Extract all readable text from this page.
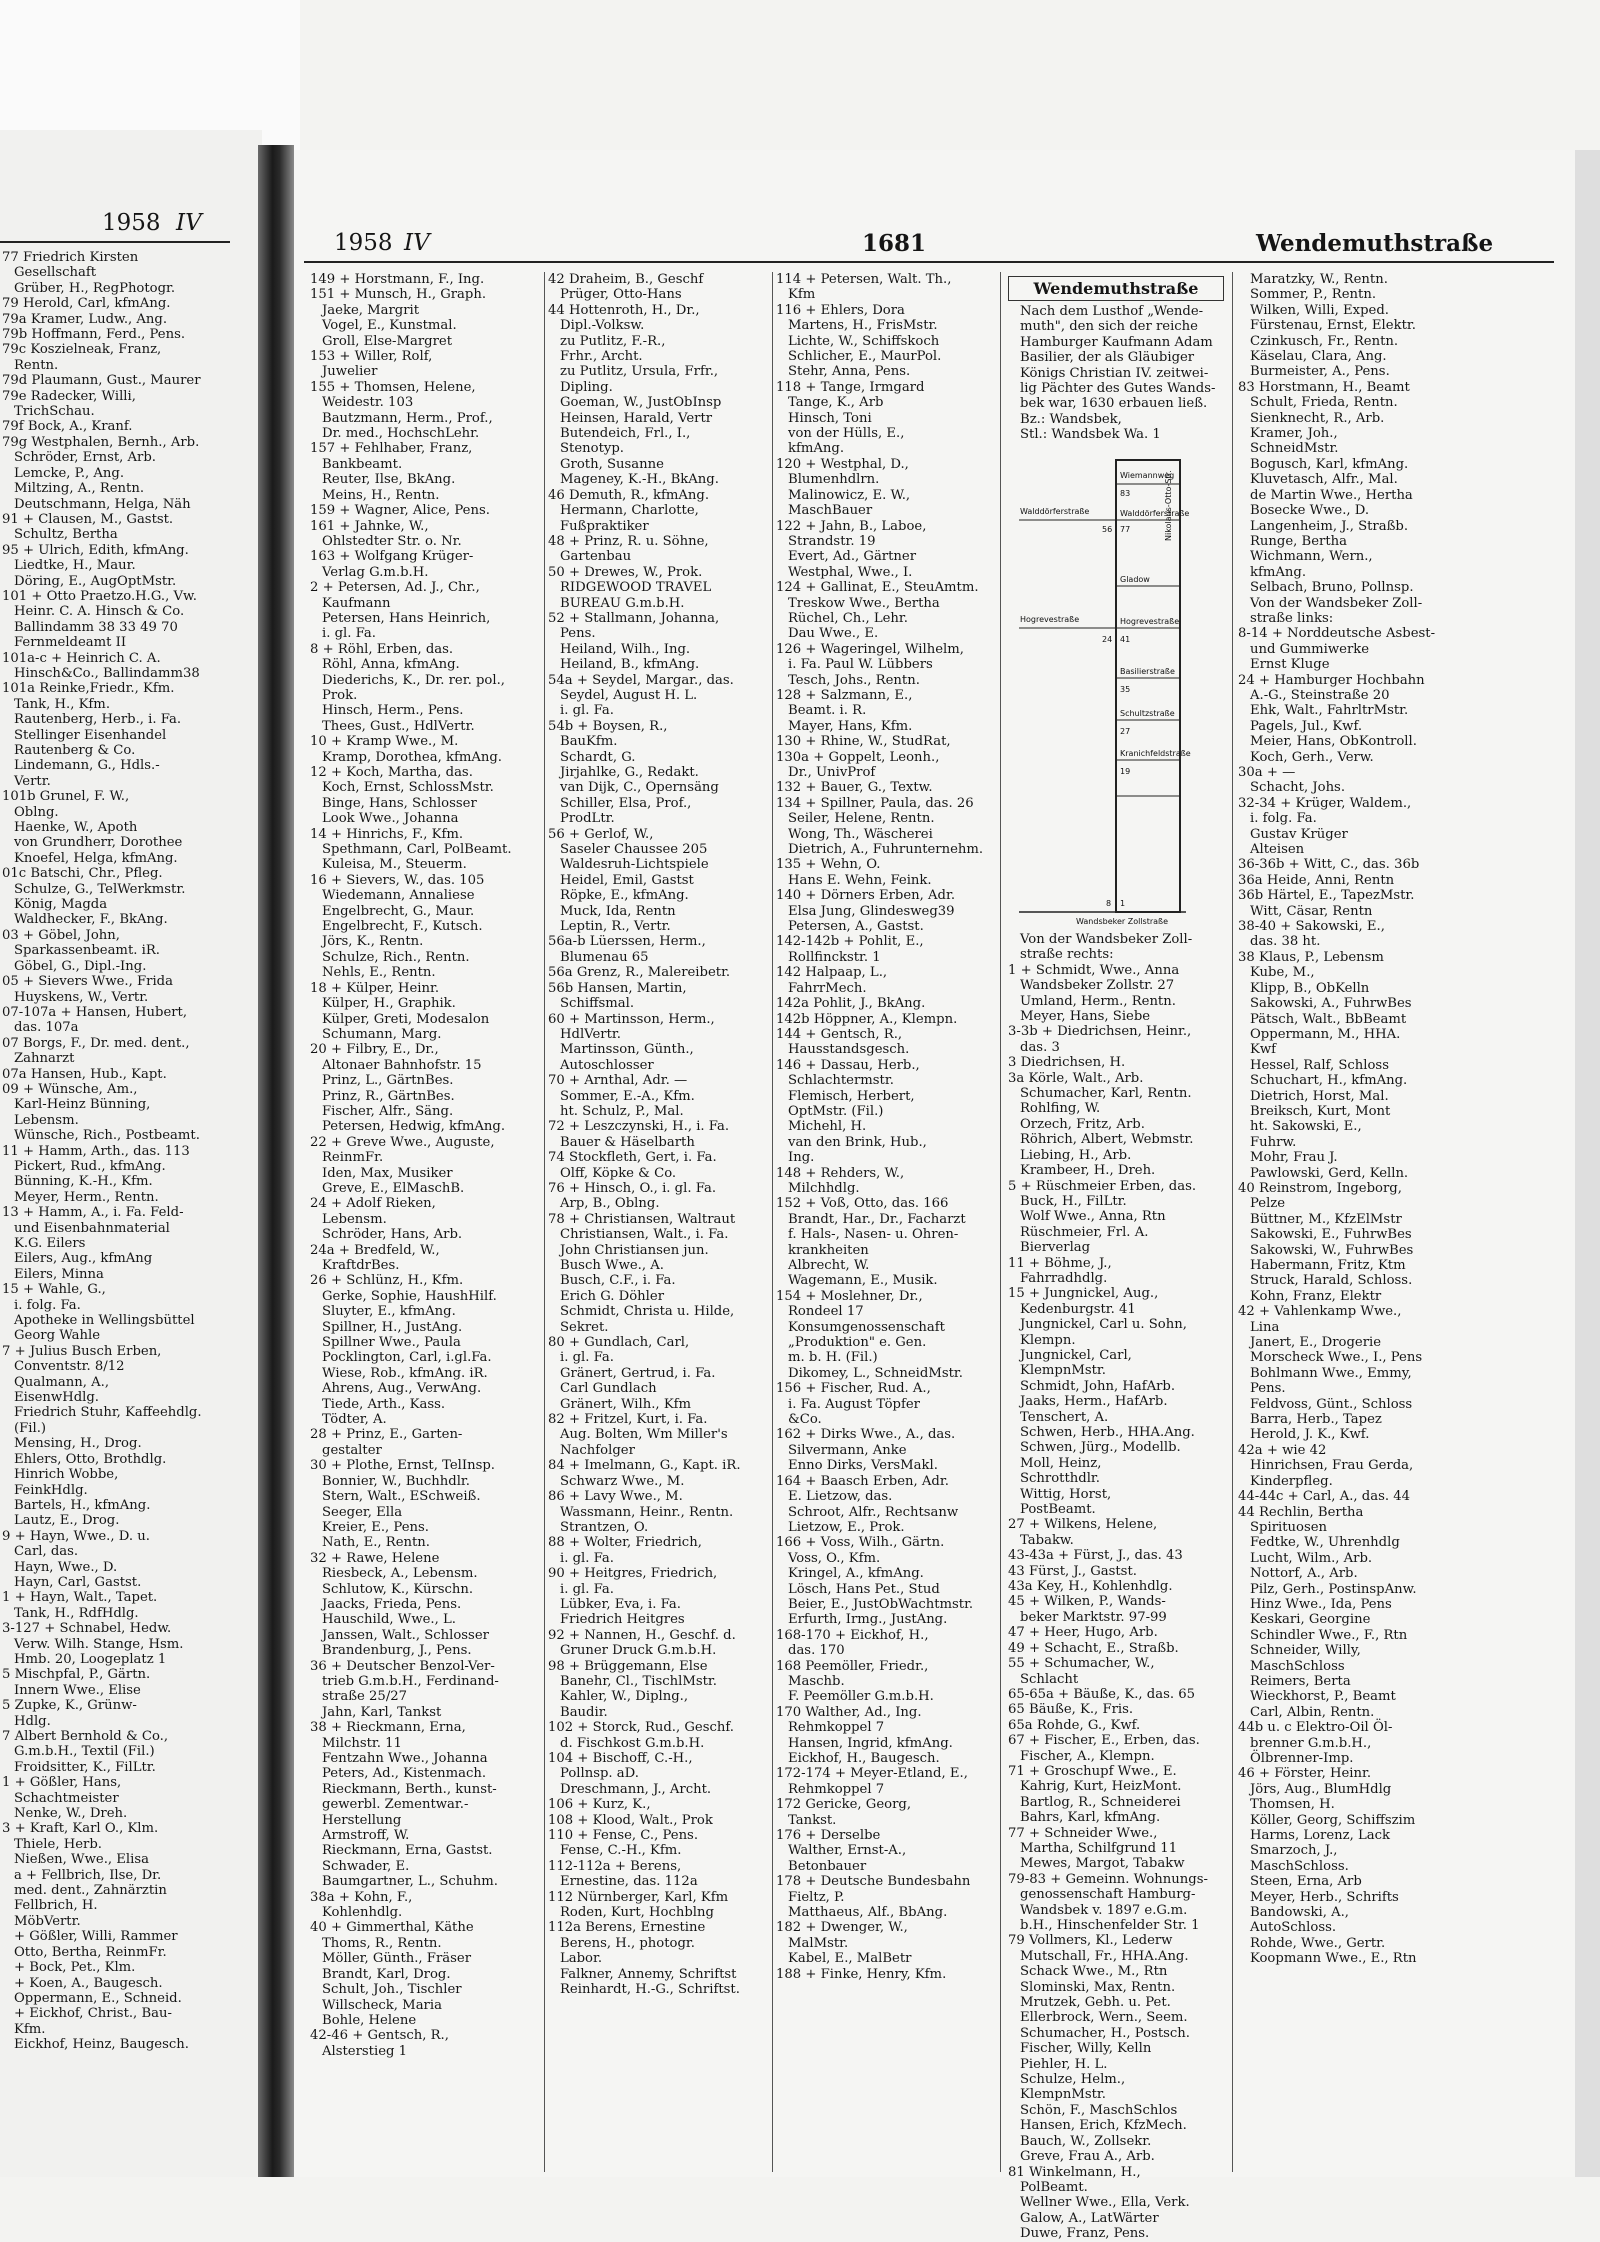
1958 IV

77 Friedrich Kirsten

Gesellschaft

Grüber, H., RegPhotogr.

79 Herold, Carl, kfmAng.

79a Kramer, Ludw., Ang.

79b Hoffmann, Ferd., Pens.

79c Koszielneak, Franz,

Rentn.

79d Plaumann, Gust., Maurer

79e Radecker, Willi,

TrichSchau.

79f Bock, A., Kranf.

79g Westphalen, Bernh., Arb.

Schröder, Ernst, Arb.

Lemcke, P., Ang.

Miltzing, A., Rentn.

Deutschmann, Helga, Näh

91 + Clausen, M., Gastst.

Schultz, Bertha

95 + Ulrich, Edith, kfmAng.

Liedtke, H., Maur.

Döring, E., AugOptMstr.

101 + Otto Praetzo.H.G., Vw.

Heinr. C. A. Hinsch & Co.

Ballindamm 38 33 49 70

Fernmeldeamt II

101a-c + Heinrich C. A.

Hinsch&Co., Ballindamm38

101a Reinke,Friedr., Kfm.

Tank, H., Kfm.

Rautenberg, Herb., i. Fa.

Stellinger Eisenhandel

Rautenberg & Co.

Lindemann, G., Hdls.-

Vertr.

101b Grunel, F. W.,

Oblng.

Haenke, W., Apoth

von Grundherr, Dorothee

Knoefel, Helga, kfmAng.

01c Batschi, Chr., Pfleg.

Schulze, G., TelWerkmstr.

König, Magda

Waldhecker, F., BkAng.

03 + Göbel, John,

Sparkassenbeamt. iR.

Göbel, G., Dipl.-Ing.

05 + Sievers Wwe., Frida

Huyskens, W., Vertr.

07-107a + Hansen, Hubert,

das. 107a

07 Borgs, F., Dr. med. dent.,

Zahnarzt

07a Hansen, Hub., Kapt.

09 + Wünsche, Am.,

Karl-Heinz Bünning,

Lebensm.

Wünsche, Rich., Postbeamt.

11 + Hamm, Arth., das. 113

Pickert, Rud., kfmAng.

Bünning, K.-H., Kfm.

Meyer, Herm., Rentn.

13 + Hamm, A., i. Fa. Feld-

und Eisenbahnmaterial

K.G. Eilers

Eilers, Aug., kfmAng

Eilers, Minna

15 + Wahle, G.,

i. folg. Fa.

Apotheke in Wellingsbüttel

Georg Wahle

7 + Julius Busch Erben,

Conventstr. 8/12

Qualmann, A.,

EisenwHdlg.

Friedrich Stuhr, Kaffeehdlg.

(Fil.)

Mensing, H., Drog.

Ehlers, Otto, Brothdlg.

Hinrich Wobbe,

FeinkHdlg.

Bartels, H., kfmAng.

Lautz, E., Drog.

9 + Hayn, Wwe., D. u.

Carl, das.

Hayn, Wwe., D.

Hayn, Carl, Gastst.

1 + Hayn, Walt., Tapet.

Tank, H., RdfHdlg.

3-127 + Schnabel, Hedw.

Verw. Wilh. Stange, Hsm.

Hmb. 20, Loogeplatz 1

5 Mischpfal, P., Gärtn.

Innern Wwe., Elise

5 Zupke, K., Grünw-

Hdlg.

7 Albert Bernhold & Co.,

G.m.b.H., Textil (Fil.)

Froidsitter, K., FilLtr.

1 + Gößler, Hans,

Schachtmeister

Nenke, W., Dreh.

3 + Kraft, Karl O., Klm.

Thiele, Herb.

Nießen, Wwe., Elisa

a + Fellbrich, Ilse, Dr.

med. dent., Zahnärztin

Fellbrich, H.

MöbVertr.

+ Gößler, Willi, Rammer

Otto, Bertha, ReinmFr.

+ Bock, Pet., Klm.

+ Koen, A., Baugesch.

Oppermann, E., Schneid.

+ Eickhof, Christ., Bau-

Kfm.

Eickhof, Heinz, Baugesch.

1958 IV	1681	Wendemuthstraße

149 + Horstmann, F., Ing.

151 + Munsch, H., Graph.

Jaeke, Margrit

Vogel, E., Kunstmal.

Groll, Else-Margret

153 + Willer, Rolf,

Juwelier

155 + Thomsen, Helene,

Weidestr. 103

Bautzmann, Herm., Prof.,

Dr. med., HochschLehr.

157 + Fehlhaber, Franz,

Bankbeamt.

Reuter, Ilse, BkAng.

Meins, H., Rentn.

159 + Wagner, Alice, Pens.

161 + Jahnke, W.,

Ohlstedter Str. o. Nr.

163 + Wolfgang Krüger-

Verlag G.m.b.H.

2 + Petersen, Ad. J., Chr.,

Kaufmann

Petersen, Hans Heinrich,

i. gl. Fa.

8 + Röhl, Erben, das.

Röhl, Anna, kfmAng.

Diederichs, K., Dr. rer. pol.,

Prok.

Hinsch, Herm., Pens.

Thees, Gust., HdlVertr.

10 + Kramp Wwe., M.

Kramp, Dorothea, kfmAng.

12 + Koch, Martha, das.

Koch, Ernst, SchlossMstr.

Binge, Hans, Schlosser

Look Wwe., Johanna

14 + Hinrichs, F., Kfm.

Spethmann, Carl, PolBeamt.

Kuleisa, M., Steuerm.

16 + Sievers, W., das. 105

Wiedemann, Annaliese

Engelbrecht, G., Maur.

Engelbrecht, F., Kutsch.

Jörs, K., Rentn.

Schulze, Rich., Rentn.

Nehls, E., Rentn.

18 + Külper, Heinr.

Külper, H., Graphik.

Külper, Greti, Modesalon

Schumann, Marg.

20 + Filbry, E., Dr.,

Altonaer Bahnhofstr. 15

Prinz, L., GärtnBes.

Prinz, R., GärtnBes.

Fischer, Alfr., Säng.

Petersen, Hedwig, kfmAng.

22 + Greve Wwe., Auguste,

ReinmFr.

Iden, Max, Musiker

Greve, E., ElMaschB.

24 + Adolf Rieken,

Lebensm.

Schröder, Hans, Arb.

24a + Bredfeld, W.,

KraftdrBes.

26 + Schlünz, H., Kfm.

Gerke, Sophie, HaushHilf.

Sluyter, E., kfmAng.

Spillner, H., JustAng.

Spillner Wwe., Paula

Pocklington, Carl, i.gl.Fa.

Wiese, Rob., kfmAng. iR.

Ahrens, Aug., VerwAng.

Tiede, Arth., Kass.

Tödter, A.

28 + Prinz, E., Garten-

gestalter

30 + Plothe, Ernst, TelInsp.

Bonnier, W., Buchhdlr.

Stern, Walt., ESchweiß.

Seeger, Ella

Kreier, E., Pens.

Nath, E., Rentn.

32 + Rawe, Helene

Riesbeck, A., Lebensm.

Schlutow, K., Kürschn.

Jaacks, Frieda, Pens.

Hauschild, Wwe., L.

Janssen, Walt., Schlosser

Brandenburg, J., Pens.

36 + Deutscher Benzol-Ver-

trieb G.m.b.H., Ferdinand-

straße 25/27

Jahn, Karl, Tankst

38 + Rieckmann, Erna,

Milchstr. 11

Fentzahn Wwe., Johanna

Peters, Ad., Kistenmach.

Rieckmann, Berth., kunst-

gewerbl. Zementwar.-

Herstellung

Armstroff, W.

Rieckmann, Erna, Gastst.

Schwader, E.

Baumgartner, L., Schuhm.

38a + Kohn, F.,

Kohlenhdlg.

40 + Gimmerthal, Käthe

Thoms, R., Rentn.

Möller, Günth., Fräser

Brandt, Karl, Drog.

Schult, Joh., Tischler

Willscheck, Maria

Bohle, Helene

42-46 + Gentsch, R.,

Alsterstieg 1

42 Draheim, B., Geschf

Prüger, Otto-Hans

44 Hottenroth, H., Dr.,

Dipl.-Volksw.

zu Putlitz, F.-R.,

Frhr., Archt.

zu Putlitz, Ursula, Frfr.,

Dipling.

Goeman, W., JustObInsp

Heinsen, Harald, Vertr

Butendeich, Frl., I.,

Stenotyp.

Groth, Susanne

Mageney, K.-H., BkAng.

46 Demuth, R., kfmAng.

Hermann, Charlotte,

Fußpraktiker

48 + Prinz, R. u. Söhne,

Gartenbau

50 + Drewes, W., Prok.

RIDGEWOOD TRAVEL

BUREAU G.m.b.H.

52 + Stallmann, Johanna,

Pens.

Heiland, Wilh., Ing.

Heiland, B., kfmAng.

54a + Seydel, Margar., das.

Seydel, August H. L.

i. gl. Fa.

54b + Boysen, R.,

BauKfm.

Schardt, G.

Jirjahlke, G., Redakt.

van Dijk, C., Opernsäng

Schiller, Elsa, Prof.,

ProdLtr.

56 + Gerlof, W.,

Saseler Chaussee 205

Waldesruh-Lichtspiele

Heidel, Emil, Gastst

Röpke, E., kfmAng.

Muck, Ida, Rentn

Leptin, R., Vertr.

56a-b Lüerssen, Herm.,

Blumenau 65

56a Grenz, R., Malereibetr.

56b Hansen, Martin,

Schiffsmal.

60 + Martinsson, Herm.,

HdlVertr.

Martinsson, Günth.,

Autoschlosser

70 + Arnthal, Adr. —

Sommer, E.-A., Kfm.

ht. Schulz, P., Mal.

72 + Leszczynski, H., i. Fa.

Bauer & Häselbarth

74 Stockfleth, Gert, i. Fa.

Olff, Köpke & Co.

76 + Hinsch, O., i. gl. Fa.

Arp, B., Oblng.

78 + Christiansen, Waltraut

Christiansen, Walt., i. Fa.

John Christiansen jun.

Busch Wwe., A.

Busch, C.F., i. Fa.

Erich G. Döhler

Schmidt, Christa u. Hilde,

Sekret.

80 + Gundlach, Carl,

i. gl. Fa.

Gränert, Gertrud, i. Fa.

Carl Gundlach

Gränert, Wilh., Kfm

82 + Fritzel, Kurt, i. Fa.

Aug. Bolten, Wm Miller's

Nachfolger

84 + Imelmann, G., Kapt. iR.

Schwarz Wwe., M.

86 + Lavy Wwe., M.

Wassmann, Heinr., Rentn.

Strantzen, O.

88 + Wolter, Friedrich,

i. gl. Fa.

90 + Heitgres, Friedrich,

i. gl. Fa.

Lübker, Eva, i. Fa.

Friedrich Heitgres

92 + Nannen, H., Geschf. d.

Gruner Druck G.m.b.H.

98 + Brüggemann, Else

Banehr, Cl., TischlMstr.

Kahler, W., Diplng.,

Baudir.

102 + Storck, Rud., Geschf.

d. Fischkost G.m.b.H.

104 + Bischoff, C.-H.,

Pollnsp. aD.

Dreschmann, J., Archt.

106 + Kurz, K.,

108 + Klood, Walt., Prok

110 + Fense, C., Pens.

Fense, C.-H., Kfm.

112-112a + Berens,

Ernestine, das. 112a

112 Nürnberger, Karl, Kfm

Roden, Kurt, Hochblng

112a Berens, Ernestine

Berens, H., photogr.

Labor.

Falkner, Annemy, Schriftst

Reinhardt, H.-G., Schriftst.

114 + Petersen, Walt. Th.,

Kfm

116 + Ehlers, Dora

Martens, H., FrisMstr.

Lichte, W., Schiffskoch

Schlicher, E., MaurPol.

Stehr, Anna, Pens.

118 + Tange, Irmgard

Tange, K., Arb

Hinsch, Toni

von der Hülls, E.,

kfmAng.

120 + Westphal, D.,

Blumenhdlrn.

Malinowicz, E. W.,

MaschBauer

122 + Jahn, B., Laboe,

Strandstr. 19

Evert, Ad., Gärtner

Westphal, Wwe., I.

124 + Gallinat, E., SteuAmtm.

Treskow Wwe., Bertha

Rüchel, Ch., Lehr.

Dau Wwe., E.

126 + Wageringel, Wilhelm,

i. Fa. Paul W. Lübbers

Tesch, Johs., Rentn.

128 + Salzmann, E.,

Beamt. i. R.

Mayer, Hans, Kfm.

130 + Rhine, W., StudRat,

130a + Goppelt, Leonh.,

Dr., UnivProf

132 + Bauer, G., Textw.

134 + Spillner, Paula, das. 26

Seiler, Helene, Rentn.

Wong, Th., Wäscherei

Dietrich, A., Fuhrunternehm.

135 + Wehn, O.

Hans E. Wehn, Feink.

140 + Dörners Erben, Adr.

Elsa Jung, Glindesweg39

Petersen, A., Gastst.

142-142b + Pohlit, E.,

Rollfinckstr. 1

142 Halpaap, L.,

FahrrMech.

142a Pohlit, J., BkAng.

142b Höppner, A., Klempn.

144 + Gentsch, R.,

Hausstandsgesch.

146 + Dassau, Herb.,

Schlachtermstr.

Flemisch, Herbert,

OptMstr. (Fil.)

Michehl, H.

van den Brink, Hub.,

Ing.

148 + Rehders, W.,

Milchhdlg.

152 + Voß, Otto, das. 166

Brandt, Har., Dr., Facharzt

f. Hals-, Nasen- u. Ohren-

krankheiten

Albrecht, W.

Wagemann, E., Musik.

154 + Moslehner, Dr.,

Rondeel 17

Konsumgenossenschaft

„Produktion" e. Gen.

m. b. H. (Fil.)

Dikomey, L., SchneidMstr.

156 + Fischer, Rud. A.,

i. Fa. August Töpfer

&Co.

162 + Dirks Wwe., A., das.

Silvermann, Anke

Enno Dirks, VersMakl.

164 + Baasch Erben, Adr.

E. Lietzow, das.

Schroot, Alfr., Rechtsanw

Lietzow, E., Prok.

166 + Voss, Wilh., Gärtn.

Voss, O., Kfm.

Kringel, A., kfmAng.

Lösch, Hans Pet., Stud

Beier, E., JustObWachtmstr.

Erfurth, Irmg., JustAng.

168-170 + Eickhof, H.,

das. 170

168 Peemöller, Friedr.,

Maschb.

F. Peemöller G.m.b.H.

170 Walther, Ad., Ing.

Rehmkoppel 7

Hansen, Ingrid, kfmAng.

Eickhof, H., Baugesch.

172-174 + Meyer-Etland, E.,

Rehmkoppel 7

172 Gericke, Georg,

Tankst.

176 + Derselbe

Walther, Ernst-A.,

Betonbauer

178 + Deutsche Bundesbahn

Fieltz, P.

Matthaeus, Alf., BbAng.

182 + Dwenger, W.,

MalMstr.

Kabel, E., MalBetr

188 + Finke, Henry, Kfm.

Wendemuthstraße

Nach dem Lusthof „Wende-

muth", den sich der reiche

Hamburger Kaufmann Adam

Basilier, der als Gläubiger

Königs Christian IV. zeitwei-

lig Pächter des Gutes Wands-

bek war, 1630 erbauen ließ.

Bz.: Wandsbek,

Stl.: Wandsbek Wa. 1

Wiemannweg
Walddörferstraße
Gladow
Hogrevestraße
Basilierstraße
Schultzstraße
Kranichfeldstraße
Wandsbeker Zollstraße
Walddörferstraße
Hogrevestraße
Nikolaus-Otto-Str.
83
77
41
35
27
19
1
56
24
8

Von der Wandsbeker Zoll-

straße rechts:

1 + Schmidt, Wwe., Anna

Wandsbeker Zollstr. 27

Umland, Herm., Rentn.

Meyer, Hans, Siebe

3-3b + Diedrichsen, Heinr.,

das. 3

3 Diedrichsen, H.

3a Körle, Walt., Arb.

Schumacher, Karl, Rentn.

Rohlfing, W.

Orzech, Fritz, Arb.

Röhrich, Albert, Webmstr.

Liebing, H., Arb.

Krambeer, H., Dreh.

5 + Rüschmeier Erben, das.

Buck, H., FilLtr.

Wolf Wwe., Anna, Rtn

Rüschmeier, Frl. A.

Bierverlag

11 + Böhme, J.,

Fahrradhdlg.

15 + Jungnickel, Aug.,

Kedenburgstr. 41

Jungnickel, Carl u. Sohn,

Klempn.

Jungnickel, Carl,

KlempnMstr.

Schmidt, John, HafArb.

Jaaks, Herm., HafArb.

Tenschert, A.

Schwen, Herb., HHA.Ang.

Schwen, Jürg., Modellb.

Moll, Heinz,

Schrotthdlr.

Wittig, Horst,

PostBeamt.

27 + Wilkens, Helene,

Tabakw.

43-43a + Fürst, J., das. 43

43 Fürst, J., Gastst.

43a Key, H., Kohlenhdlg.

45 + Wilken, P., Wands-

beker Marktstr. 97-99

47 + Heer, Hugo, Arb.

49 + Schacht, E., Straßb.

55 + Schumacher, W.,

Schlacht

65-65a + Bäuße, K., das. 65

65 Bäuße, K., Fris.

65a Rohde, G., Kwf.

67 + Fischer, E., Erben, das.

Fischer, A., Klempn.

71 + Groschupf Wwe., E.

Kahrig, Kurt, HeizMont.

Bartlog, R., Schneiderei

Bahrs, Karl, kfmAng.

77 + Schneider Wwe.,

Martha, Schilfgrund 11

Mewes, Margot, Tabakw

79-83 + Gemeinn. Wohnungs-

genossenschaft Hamburg-

Wandsbek v. 1897 e.G.m.

b.H., Hinschenfelder Str. 1

79 Vollmers, Kl., Lederw

Mutschall, Fr., HHA.Ang.

Schack Wwe., M., Rtn

Slominski, Max, Rentn.

Mrutzek, Gebh. u. Pet.

Ellerbrock, Wern., Seem.

Schumacher, H., Postsch.

Fischer, Willy, Kelln

Piehler, H. L.

Schulze, Helm.,

KlempnMstr.

Schön, F., MaschSchlos

Hansen, Erich, KfzMech.

Bauch, W., Zollsekr.

Greve, Frau A., Arb.

81 Winkelmann, H.,

PolBeamt.

Wellner Wwe., Ella, Verk.

Galow, A., LatWärter

Duwe, Franz, Pens.

Maratzky, W., Rentn.

Sommer, P., Rentn.

Wilken, Willi, Exped.

Fürstenau, Ernst, Elektr.

Czinkusch, Fr., Rentn.

Käselau, Clara, Ang.

Burmeister, A., Pens.

83 Horstmann, H., Beamt

Schult, Frieda, Rentn.

Sienknecht, R., Arb.

Kramer, Joh.,

SchneidMstr.

Bogusch, Karl, kfmAng.

Kluvetasch, Alfr., Mal.

de Martin Wwe., Hertha

Bosecke Wwe., D.

Langenheim, J., Straßb.

Runge, Bertha

Wichmann, Wern.,

kfmAng.

Selbach, Bruno, Pollnsp.

Von der Wandsbeker Zoll-

straße links:

8-14 + Norddeutsche Asbest-

und Gummiwerke

Ernst Kluge

24 + Hamburger Hochbahn

A.-G., Steinstraße 20

Ehk, Walt., FahrltrMstr.

Pagels, Jul., Kwf.

Meier, Hans, ObKontroll.

Koch, Gerh., Verw.

30a + —

Schacht, Johs.

32-34 + Krüger, Waldem.,

i. folg. Fa.

Gustav Krüger

Alteisen

36-36b + Witt, C., das. 36b

36a Heide, Anni, Rentn

36b Härtel, E., TapezMstr.

Witt, Cäsar, Rentn

38-40 + Sakowski, E.,

das. 38 ht.

38 Klaus, P., Lebensm

Kube, M.,

Klipp, B., ObKelln

Sakowski, A., FuhrwBes

Pätsch, Walt., BbBeamt

Oppermann, M., HHA.

Kwf

Hessel, Ralf, Schloss

Schuchart, H., kfmAng.

Dietrich, Horst, Mal.

Breiksch, Kurt, Mont

ht. Sakowski, E.,

Fuhrw.

Mohr, Frau J.

Pawlowski, Gerd, Kelln.

40 Reinstrom, Ingeborg,

Pelze

Büttner, M., KfzElMstr

Sakowski, E., FuhrwBes

Sakowski, W., FuhrwBes

Habermann, Fritz, Ktm

Struck, Harald, Schloss.

Kohn, Franz, Elektr

42 + Vahlenkamp Wwe.,

Lina

Janert, E., Drogerie

Morscheck Wwe., I., Pens

Bohlmann Wwe., Emmy,

Pens.

Feldvoss, Günt., Schloss

Barra, Herb., Tapez

Herold, J. K., Kwf.

42a + wie 42

Hinrichsen, Frau Gerda,

Kinderpfleg.

44-44c + Carl, A., das. 44

44 Rechlin, Bertha

Spirituosen

Fedtke, W., Uhrenhdlg

Lucht, Wilm., Arb.

Nottorf, A., Arb.

Pilz, Gerh., PostinspAnw.

Hinz Wwe., Ida, Pens

Keskari, Georgine

Schindler Wwe., F., Rtn

Schneider, Willy,

MaschSchloss

Reimers, Berta

Wieckhorst, P., Beamt

Carl, Albin, Rentn.

44b u. c Elektro-Oil Öl-

brenner G.m.b.H.,

Ölbrenner-Imp.

46 + Förster, Heinr.

Jörs, Aug., BlumHdlg

Thomsen, H.

Köller, Georg, Schiffszim

Harms, Lorenz, Lack

Smarzoch, J.,

MaschSchloss.

Steen, Erna, Arb

Meyer, Herb., Schrifts

Bandowski, A.,

AutoSchloss.

Rohde, Wwe., Gertr.

Koopmann Wwe., E., Rtn
